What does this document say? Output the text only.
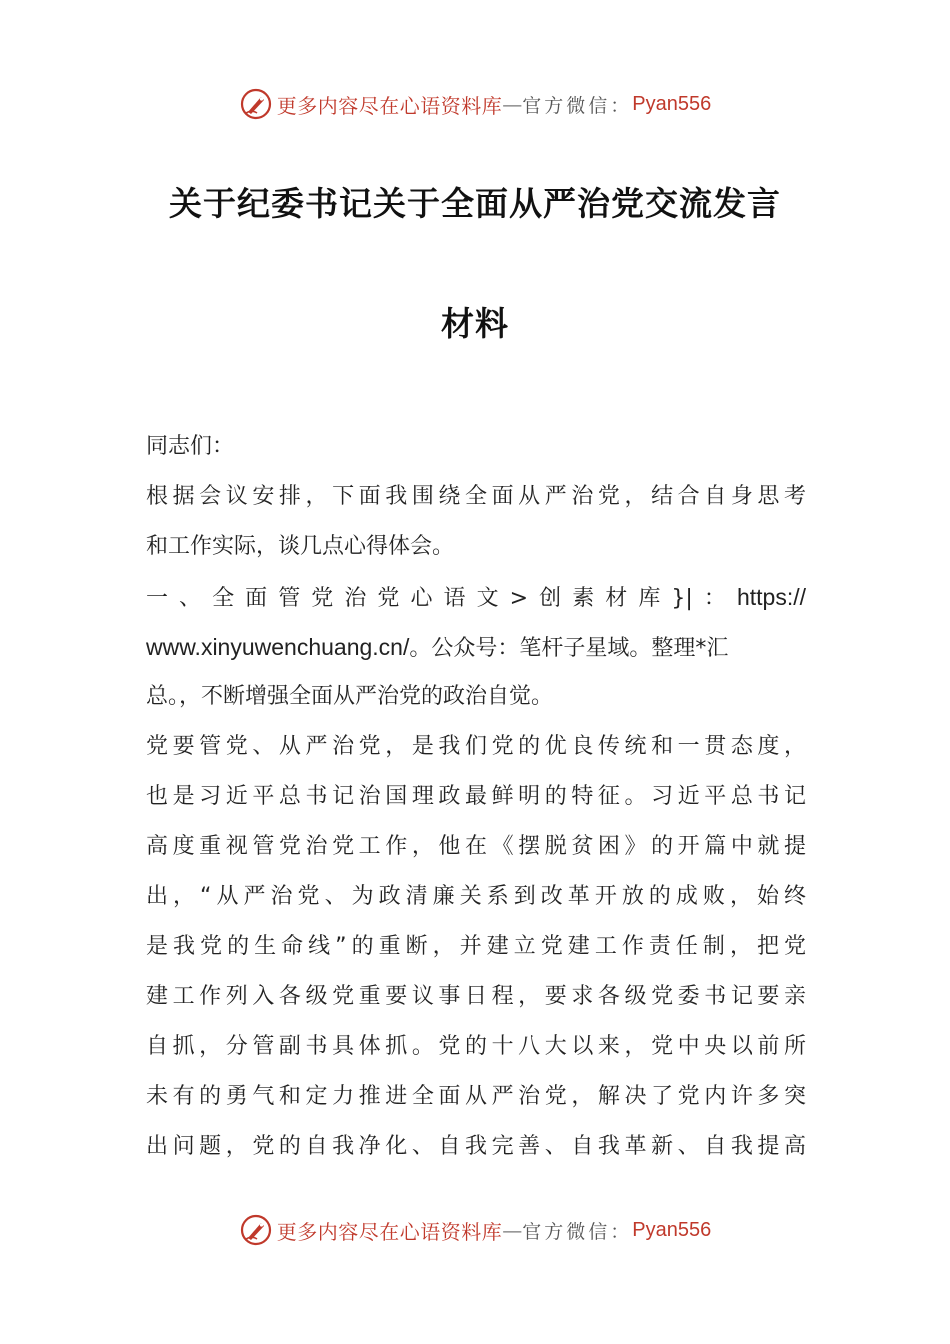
更多内容尽在心语资料库 — 官方微信： Pyan556
关于纪委书记关于全面从严治党交流发言
材料
同志们：
根据会议安排，下面我围绕全面从严治党，结合自身思考
和工作实际，谈几点心得体会。
一、全面管党治党心语文>创素材库}|：https://
www.xinyuwenchuang.cn/。公众号：笔杆子星域。整理*汇
总。，不断增强全面从严治党的政治自觉。
党要管党、从严治党，是我们党的优良传统和一贯态度，
也是习近平总书记治国理政最鲜明的特征。习近平总书记
高度重视管党治党工作，他在《摆脱贫困》的开篇中就提
出，“从严治党、为政清廉关系到改革开放的成败，始终
是我党的生命线”的重断，并建立党建工作责任制，把党
建工作列入各级党重要议事日程，要求各级党委书记要亲
自抓，分管副书具体抓。党的十八大以来，党中央以前所
未有的勇气和定力推进全面从严治党，解决了党内许多突
出问题，党的自我净化、自我完善、自我革新、自我提高
更多内容尽在心语资料库 — 官方微信： Pyan556
